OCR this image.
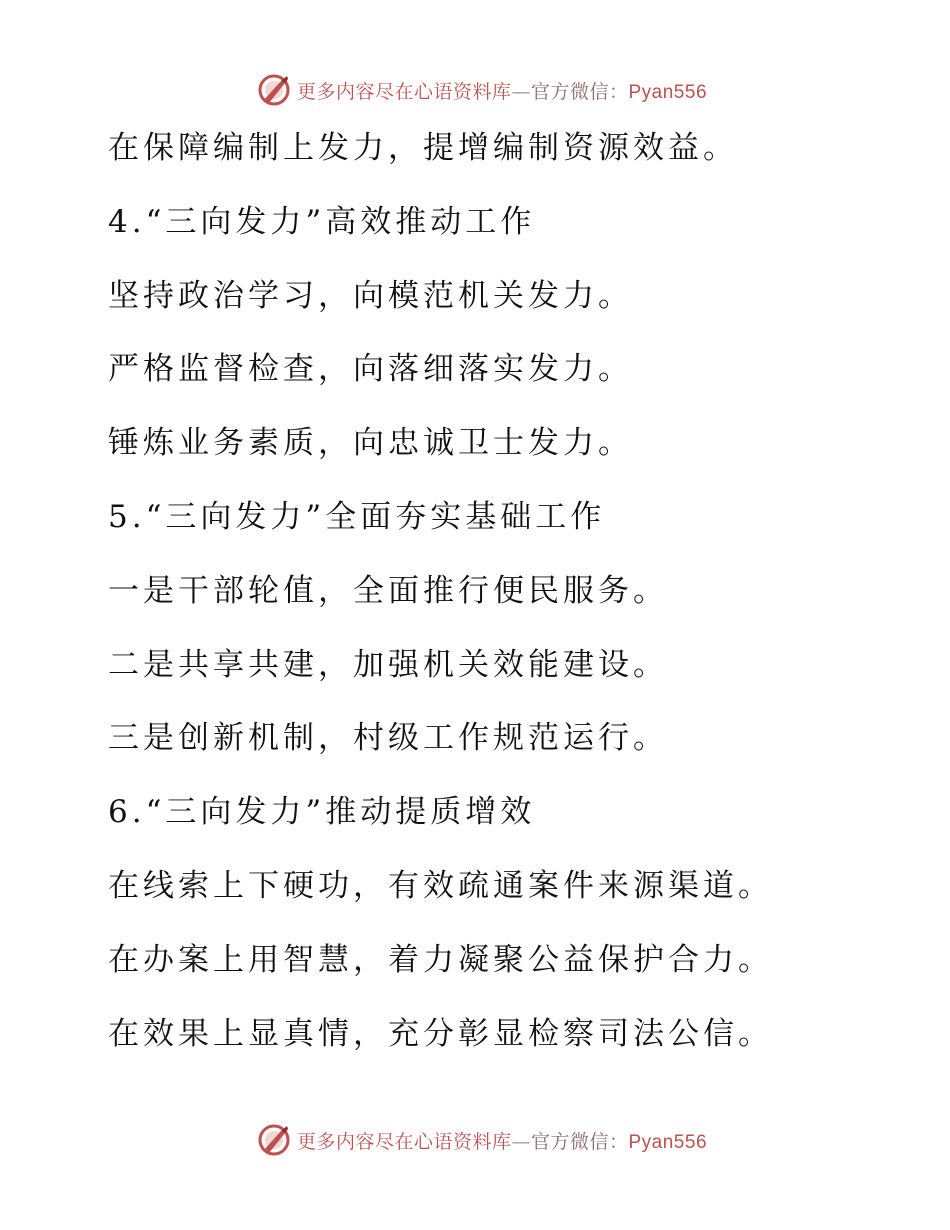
更多内容尽在心语资料库—官方微信：Pyan556
在保障编制上发力，提增编制资源效益。
4.“三向发力”高效推动工作
坚持政治学习，向模范机关发力。
严格监督检查，向落细落实发力。
锤炼业务素质，向忠诚卫士发力。
5.“三向发力”全面夯实基础工作
一是干部轮值，全面推行便民服务。
二是共享共建，加强机关效能建设。
三是创新机制，村级工作规范运行。
6.“三向发力”推动提质增效
在线索上下硬功，有效疏通案件来源渠道。
在办案上用智慧，着力凝聚公益保护合力。
在效果上显真情，充分彰显检察司法公信。
更多内容尽在心语资料库—官方微信：Pyan556
